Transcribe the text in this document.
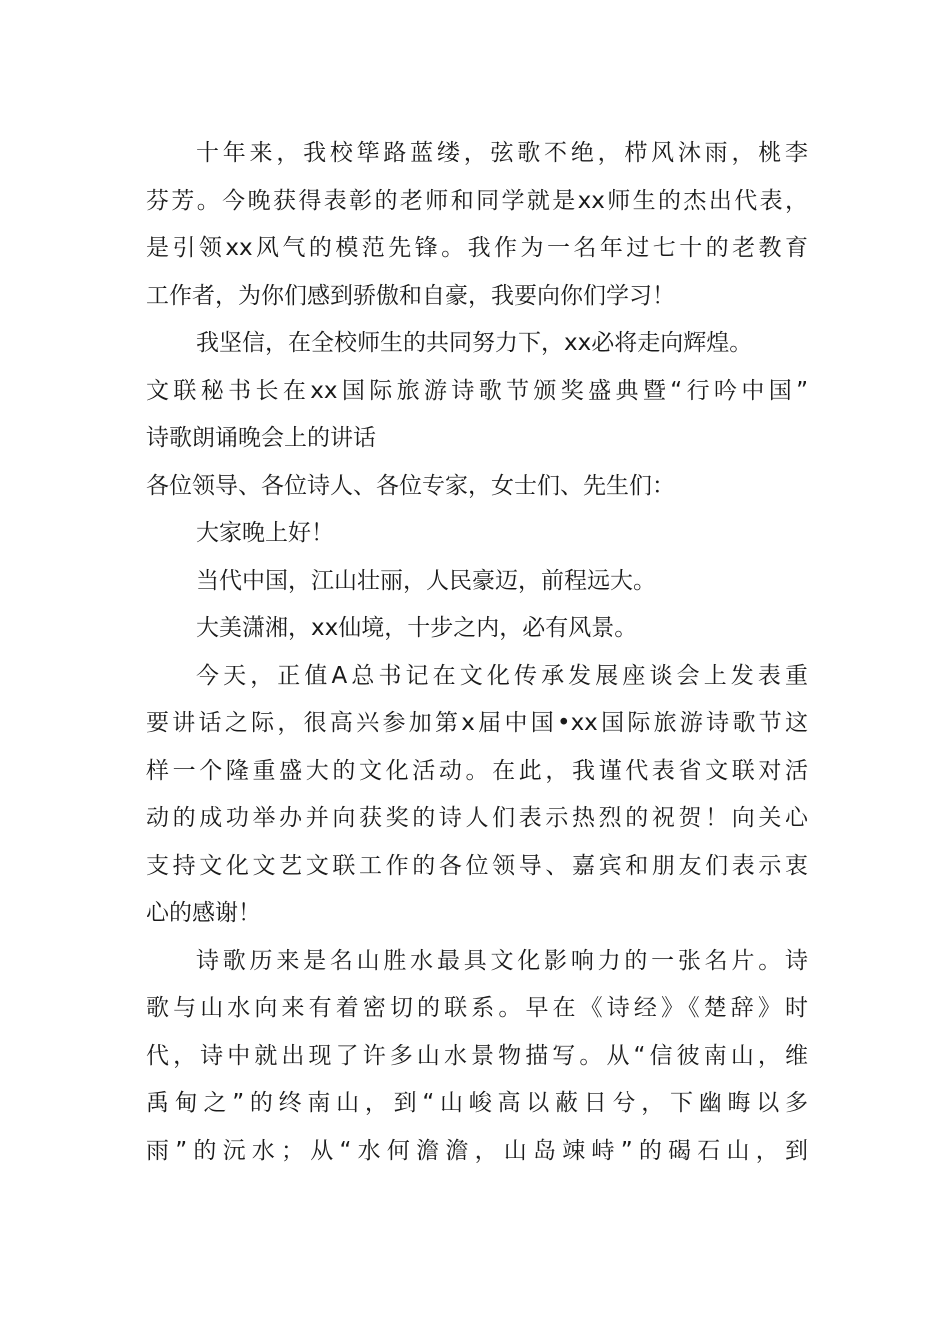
十年来，我校筚路蓝缕，弦歌不绝，栉风沐雨，桃李
芬芳。今晚获得表彰的老师和同学就是xx师生的杰出代表，
是引领xx风气的模范先锋。我作为一名年过七十的老教育
工作者，为你们感到骄傲和自豪，我要向你们学习！
我坚信，在全校师生的共同努力下，xx必将走向辉煌。
文联秘书长在xx国际旅游诗歌节颁奖盛典暨“行吟中国”
诗歌朗诵晚会上的讲话
各位领导、各位诗人、各位专家，女士们、先生们：
大家晚上好！
当代中国，江山壮丽，人民豪迈，前程远大。
大美潇湘，xx仙境，十步之内，必有风景。
今天，正值A总书记在文化传承发展座谈会上发表重
要讲话之际，很高兴参加第x届中国•xx国际旅游诗歌节这
样一个隆重盛大的文化活动。在此，我谨代表省文联对活
动的成功举办并向获奖的诗人们表示热烈的祝贺！向关心
支持文化文艺文联工作的各位领导、嘉宾和朋友们表示衷
心的感谢！
诗歌历来是名山胜水最具文化影响力的一张名片。诗
歌与山水向来有着密切的联系。早在《诗经》《楚辞》时
代，诗中就出现了许多山水景物描写。从“信彼南山，维
禹甸之”的终南山，到“山峻高以蔽日兮，下幽晦以多
雨”的沅水；从“水何澹澹，山岛竦峙”的碣石山，到
